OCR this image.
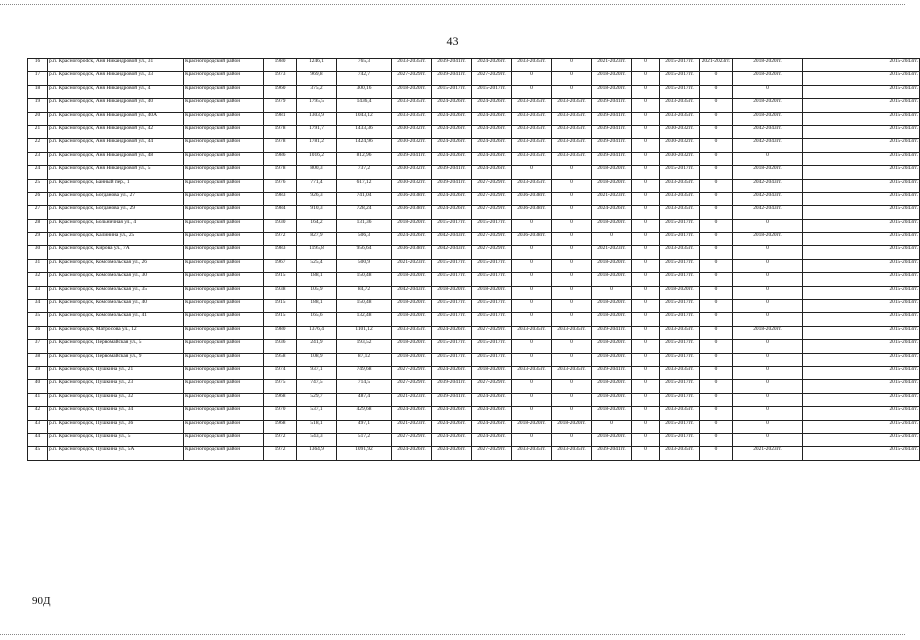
43
16	р.п. Красногорodск, Аня Никандровой ул., 31	Красногородский район	1980	1246,1	765,3	2033-2035гг.	2039-2041гг.	2024-2026гг.	2033-2035гг.	0	2021-2023гг.	0	2015-2017гг.	2021-2023гг.	2018-2020гг.	2015-2043гг.
17	р.п. Красногородск, Аня Никандровой ул., 33	Красногородский район	1973	969,8	742,7	2027-2029гг.	2039-2041гг.	2027-2029гг.	0	0	2018-2020гг.	0	2015-2017гг.	0	2018-2020гг.	2015-2043гг.
18	р.п. Красногородск, Аня Никандровой ул., 4	Красногородский район	1960	375,2	300,16	2018-2020гг.	2015-2017гг.	2015-2017гг.	0	0	2018-2020гг.	0	2015-2017гг.	0	0	2015-2043гг.
19	р.п. Красногородск, Аня Никандровой ул., 40	Красногородский район	1979	1795,5	1436,4	2033-2035гг.	2024-2026гг.	2024-2026гг.	2033-2035гг.	2033-2035гг.	2039-2041гг.	0	2033-2035гг.	0	2018-2020гг.	2015-2043гг.
20	р.п. Красногородск, Аня Никандровой ул., 40А	Красногородский район	1981	1303,9	1043,12	2033-2035гг.	2024-2026гг.	2024-2026гг.	2033-2035гг.	2033-2035гг.	2039-2041гг.	0	2033-2035гг.	0	2018-2020гг.	2015-2043гг.
21	р.п. Красногородск, Аня Никандровой ул., 42	Красногородский район	1978	1791,7	1433,36	2030-2032гг.	2024-2026гг.	2024-2026гг.	2033-2035гг.	2033-2035гг.	2039-2041гг.	0	2030-2032гг.	0	2042-2043гг.	2015-2043гг.
22	р.п. Красногородск, Аня Никандровой ул., 44	Красногородский район	1978	1781,2	1424,96	2030-2032гг.	2024-2026гг.	2024-2026гг.	2033-2035гг.	2033-2035гг.	2039-2041гг.	0	2030-2032гг.	0	2042-2043гг.	2015-2043гг.
23	р.п. Красногородск, Аня Никандровой ул., 48	Красногородский район	1986	1016,2	812,96	2039-2041гг.	2024-2026гг.	2024-2026гг.	2033-2035гг.	2033-2035гг.	2039-2041гг.	0	2030-2032гг.	0	0	2015-2043гг.
24	р.п. Красногородск, Аня Никандровой ул., 5	Красногородский район	1978	800,3	737,2	2030-2032гг.	2039-2041гг.	2024-2026гг.	0	0	2018-2020гг.	0	2015-2017гг.	0	2018-2020гг.	2015-2043гг.
25	р.п. Красногородск, Банный пер., 1	Красногородский район	1976	771,4	617,12	2030-2032гг.	2039-2041гг.	2027-2029гг.	2033-2035гг.	0	2018-2020гг.	0	2033-2035гг.	0	2042-2043гг.	2015-2043гг.
26	р.п. Красногородск, Богданова ул., 27	Красногородский район	1983	926,3	741,04	2036-2038гг.	2024-2026гг.	2027-2029гг.	2036-2038гг.	0	2021-2023гг.	0	2033-2035гг.	0	2042-2043гг.	2015-2043гг.
27	р.п. Красногородск, Богданова ул., 29	Красногородский район	1984	910,3	728,24	2036-2038гг.	2024-2026гг.	2027-2029гг.	2036-2038гг.	0	2024-2026гг.	0	2033-2035гг.	0	2042-2043гг.	2015-2043гг.
28	р.п. Красногородск, Больничная ул., 4	Красногородский район	1930	164,2	131,36	2018-2020гг.	2015-2017гг.	2015-2017гг.	0	0	2018-2020гг.	0	2015-2017гг.	0	0	2015-2043гг.
29	р.п. Красногородск, Калинина ул., 25	Красногородский район	1972	827,9	506,3	2024-2026гг.	2042-2043гг.	2027-2029гг.	2036-2038гг.	0	0	0	2015-2017гг.	0	2018-2020гг.	2015-2043гг.
30	р.п. Красногородск, Кирова ул., 7А	Красногородский район	1983	1195,8	956,64	2036-2038гг.	2042-2043гг.	2027-2029гг.	0	0	2021-2023гг.	0	2033-2035гг.	0	0	2015-2043гг.
31	р.п. Красногородск, Комсомольская ул., 26	Красногородский район	1967	525,4	500,9	2021-2023гг.	2015-2017гг.	2015-2017гг.	0	0	2018-2020гг.	0	2015-2017гг.	0	0	2015-2043гг.
32	р.п. Красногородск, Комсомольская ул., 30	Красногородский район	1915	188,1	150,48	2018-2020гг.	2015-2017гг.	2015-2017гг.	0	0	2018-2020гг.	0	2015-2017гг.	0	0	2015-2043гг.
33	р.п. Красногородск, Комсомольская ул., 35	Красногородский район	1938	105,9	84,72	2042-2043гг.	2018-2020гг.	2018-2020гг.	0	0	0	0	2018-2020гг.	0	0	2015-2043гг.
34	р.п. Красногородск, Комсомольская ул., 40	Красногородский район	1915	188,1	150,48	2018-2020гг.	2015-2017гг.	2015-2017гг.	0	0	2018-2020гг.	0	2015-2017гг.	0	0	2015-2043гг.
35	р.п. Красногородск, Комсомольская ул., 41	Красногородский район	1915	165,6	132,48	2018-2020гг.	2015-2017гг.	2015-2017гг.	0	0	2018-2020гг.	0	2015-2017гг.	0	0	2015-2043гг.
36	р.п. Красногородск, Матросова ул., 12	Красногородский район	1980	1376,4	1101,12	2033-2035гг.	2024-2026гг.	2027-2029гг.	2033-2035гг.	2033-2035гг.	2039-2041гг.	0	2033-2035гг.	0	2018-2020гг.	2015-2043гг.
37	р.п. Красногородск, Первомайская ул., 5	Красногородский район	1936	241,9	193,52	2018-2020гг.	2015-2017гг.	2015-2017гг.	0	0	2018-2020гг.	0	2015-2017гг.	0	0	2015-2043гг.
38	р.п. Красногородск, Первомайская ул., 9	Красногородский район	1958	108,9	87,12	2018-2020гг.	2015-2017гг.	2015-2017гг.	0	0	2018-2020гг.	0	2015-2017гг.	0	0	2015-2043гг.
39	р.п. Красногородск, Пушкина ул., 21	Красногородский район	1974	937,1	749,68	2027-2029гг.	2024-2026гг.	2018-2020гг.	2033-2035гг.	2033-2035гг.	2039-2041гг.	0	2033-2035гг.	0	0	2015-2043гг.
40	р.п. Красногородск, Пушкина ул., 23	Красногородский район	1975	747,5	714,5	2027-2029гг.	2039-2041гг.	2027-2029гг.	0	0	2018-2020гг.	0	2015-2017гг.	0	0	2015-2043гг.
41	р.п. Красногородск, Пушкина ул., 32	Красногородский район	1968	529,7	487,4	2021-2023гг.	2039-2041гг.	2024-2026гг.	0	0	2018-2020гг.	0	2015-2017гг.	0	0	2015-2043гг.
42	р.п. Красногородск, Пушкина ул., 34	Красногородский район	1970	537,1	429,68	2024-2026гг.	2024-2026гг.	2024-2026гг.	0	0	2018-2020гг.	0	2033-2035гг.	0	0	2015-2043гг.
43	р.п. Красногородск, Пушкина ул., 36	Красногородский район	1968	518,1	497,1	2021-2023гг.	2024-2026гг.	2024-2026гг.	2018-2020гг.	2018-2020гг.	0	0	2015-2017гг.	0	0	2015-2043гг.
44	р.п. Красногородск, Пушкина ул., 5	Красногородский район	1972	543,3	517,2	2027-2029гг.	2024-2026гг.	2024-2026гг.	0	0	2018-2020гг.	0	2015-2017гг.	0	0	2015-2043гг.
45	р.п. Красногородск, Пушкина ул., 5А	Красногородский район	1972	1364,9	1091,92	2024-2026гг.	2024-2026гг.	2027-2029гг.	2033-2035гг.	2033-2035гг.	2039-2041гг.	0	2033-2035гг.	0	2021-2023гг.	2015-2043гг.
90Д
